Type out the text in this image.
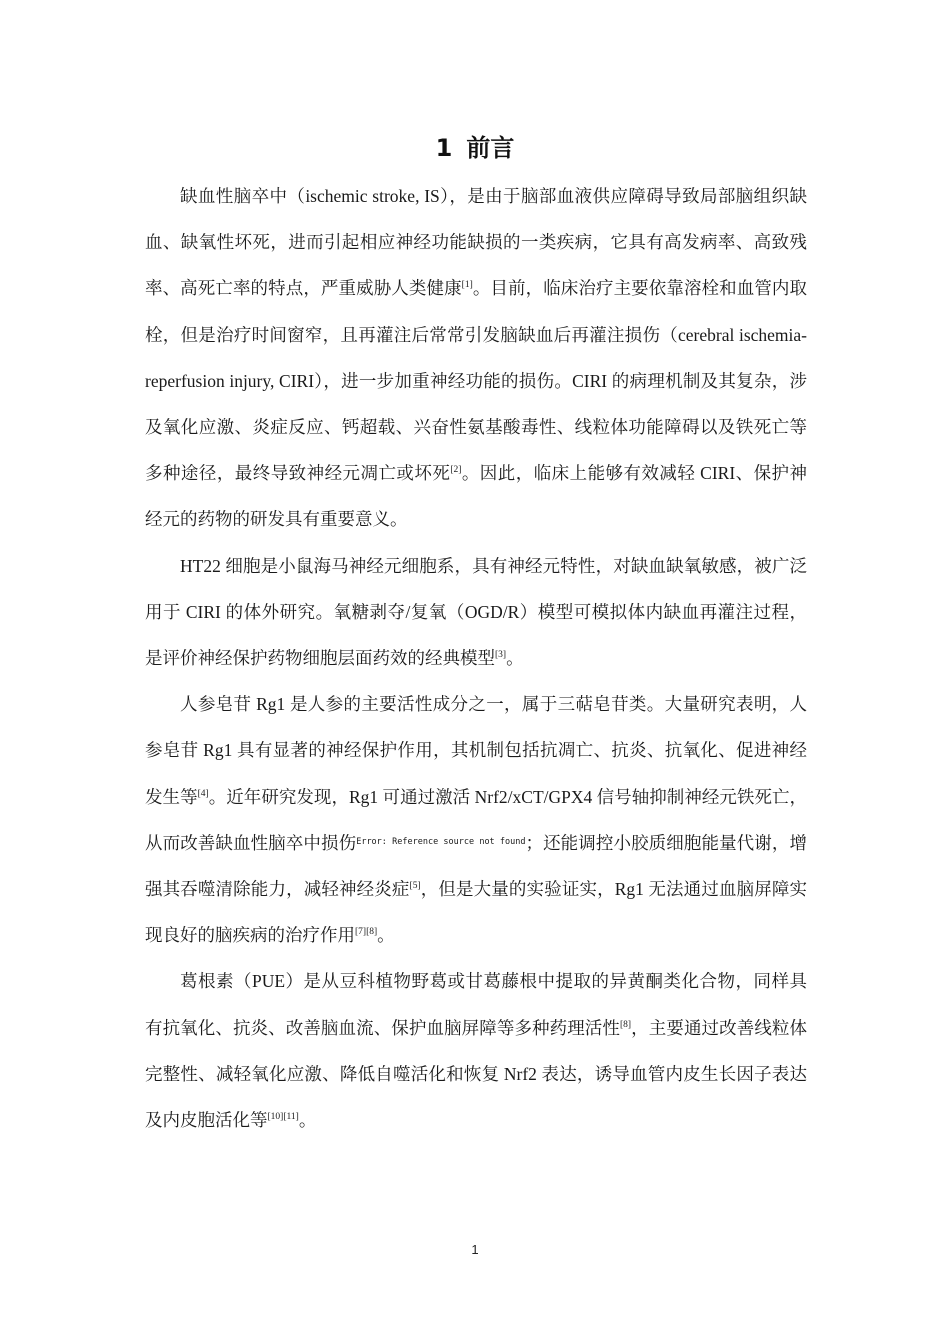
1 前言

缺血性脑卒中（ischemic stroke, IS），是由于脑部血液供应障碍导致局部脑组织缺血、缺氧性坏死，进而引起相应神经功能缺损的一类疾病，它具有高发病率、高致残率、高死亡率的特点，严重威胁人类健康[1]。目前，临床治疗主要依靠溶栓和血管内取栓，但是治疗时间窗窄，且再灌注后常常引发脑缺血后再灌注损伤（cerebral ischemia-reperfusion injury, CIRI），进一步加重神经功能的损伤。CIRI 的病理机制及其复杂，涉及氧化应激、炎症反应、钙超载、兴奋性氨基酸毒性、线粒体功能障碍以及铁死亡等多种途径，最终导致神经元凋亡或坏死[2]。因此，临床上能够有效减轻 CIRI、保护神经元的药物的研发具有重要意义。

HT22 细胞是小鼠海马神经元细胞系，具有神经元特性，对缺血缺氧敏感，被广泛用于 CIRI 的体外研究。氧糖剥夺/复氧（OGD/R）模型可模拟体内缺血再灌注过程，是评价神经保护药物细胞层面药效的经典模型[3]。

人参皂苷 Rg1 是人参的主要活性成分之一，属于三萜皂苷类。大量研究表明，人参皂苷 Rg1 具有显著的神经保护作用，其机制包括抗凋亡、抗炎、抗氧化、促进神经发生等[4]。近年研究发现，Rg1 可通过激活 Nrf2/xCT/GPX4 信号轴抑制神经元铁死亡，从而改善缺血性脑卒中损伤$^{Error: Reference source not found}$；还能调控小胶质细胞能量代谢，增强其吞噬清除能力，减轻神经炎症[5]，但是大量的实验证实，Rg1 无法通过血脑屏障实现良好的脑疾病的治疗作用[7][8]。

葛根素（PUE）是从豆科植物野葛或甘葛藤根中提取的异黄酮类化合物，同样具有抗氧化、抗炎、改善脑血流、保护血脑屏障等多种药理活性[8]，主要通过改善线粒体完整性、减轻氧化应激、降低自噬活化和恢复 Nrf2 表达，诱导血管内皮生长因子表达及内皮胞活化等[10][11]。

1
